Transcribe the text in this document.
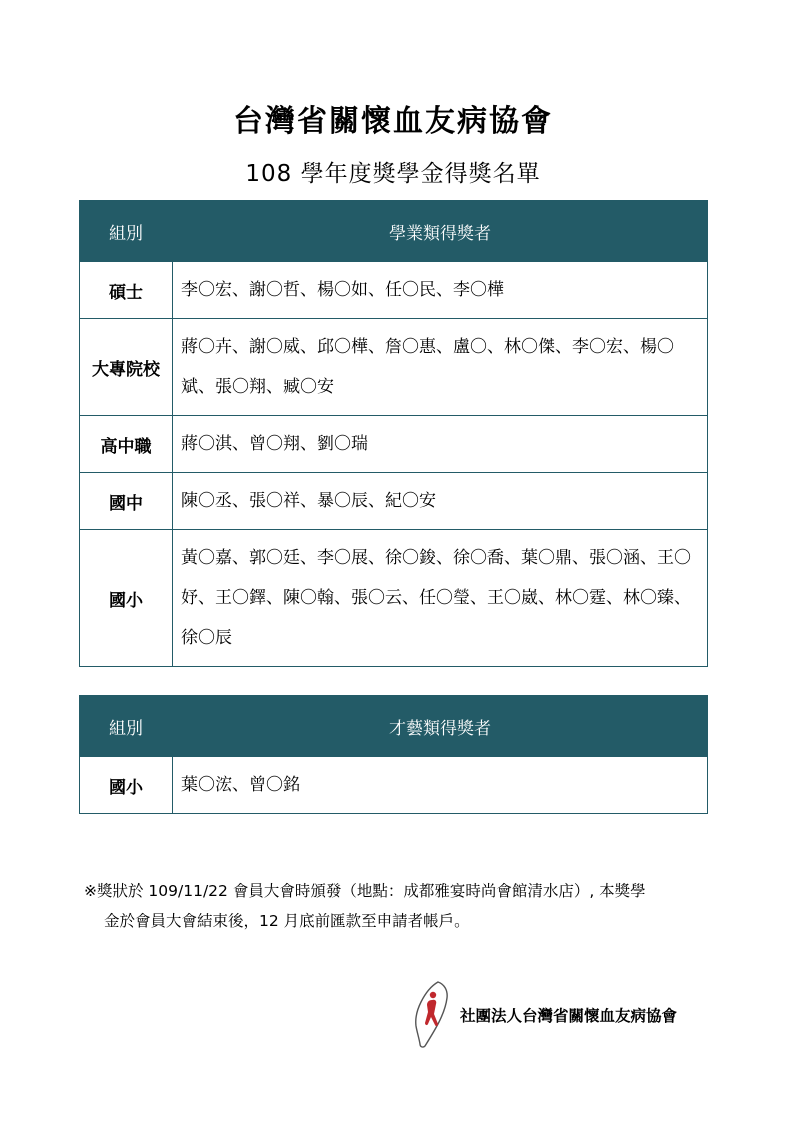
台灣省關懷血友病協會
108 學年度獎學金得獎名單
組別	學業類得獎者
碩士	李〇宏、謝〇哲、楊〇如、任〇民、李〇樺
大專院校	蔣〇卉、謝〇威、邱〇樺、詹〇惠、盧〇、林〇傑、李〇宏、楊〇斌、張〇翔、臧〇安
高中職	蔣〇淇、曾〇翔、劉〇瑞
國中	陳〇丞、張〇祥、暴〇辰、紀〇安
國小	黃〇嘉、郭〇廷、李〇展、徐〇鋑、徐〇喬、葉〇鼎、張〇涵、王〇妤、王〇鐸、陳〇翰、張〇云、任〇瑩、王〇崴、林〇霆、林〇臻、徐〇辰
組別	才藝類得獎者
國小	葉〇浤、曾〇銘
※獎狀於 109/11/22 會員大會時頒發（地點：成都雅宴時尚會館清水店）, 本獎學
金於會員大會結束後，12 月底前匯款至申請者帳戶。
社團法人台灣省關懷血友病協會
